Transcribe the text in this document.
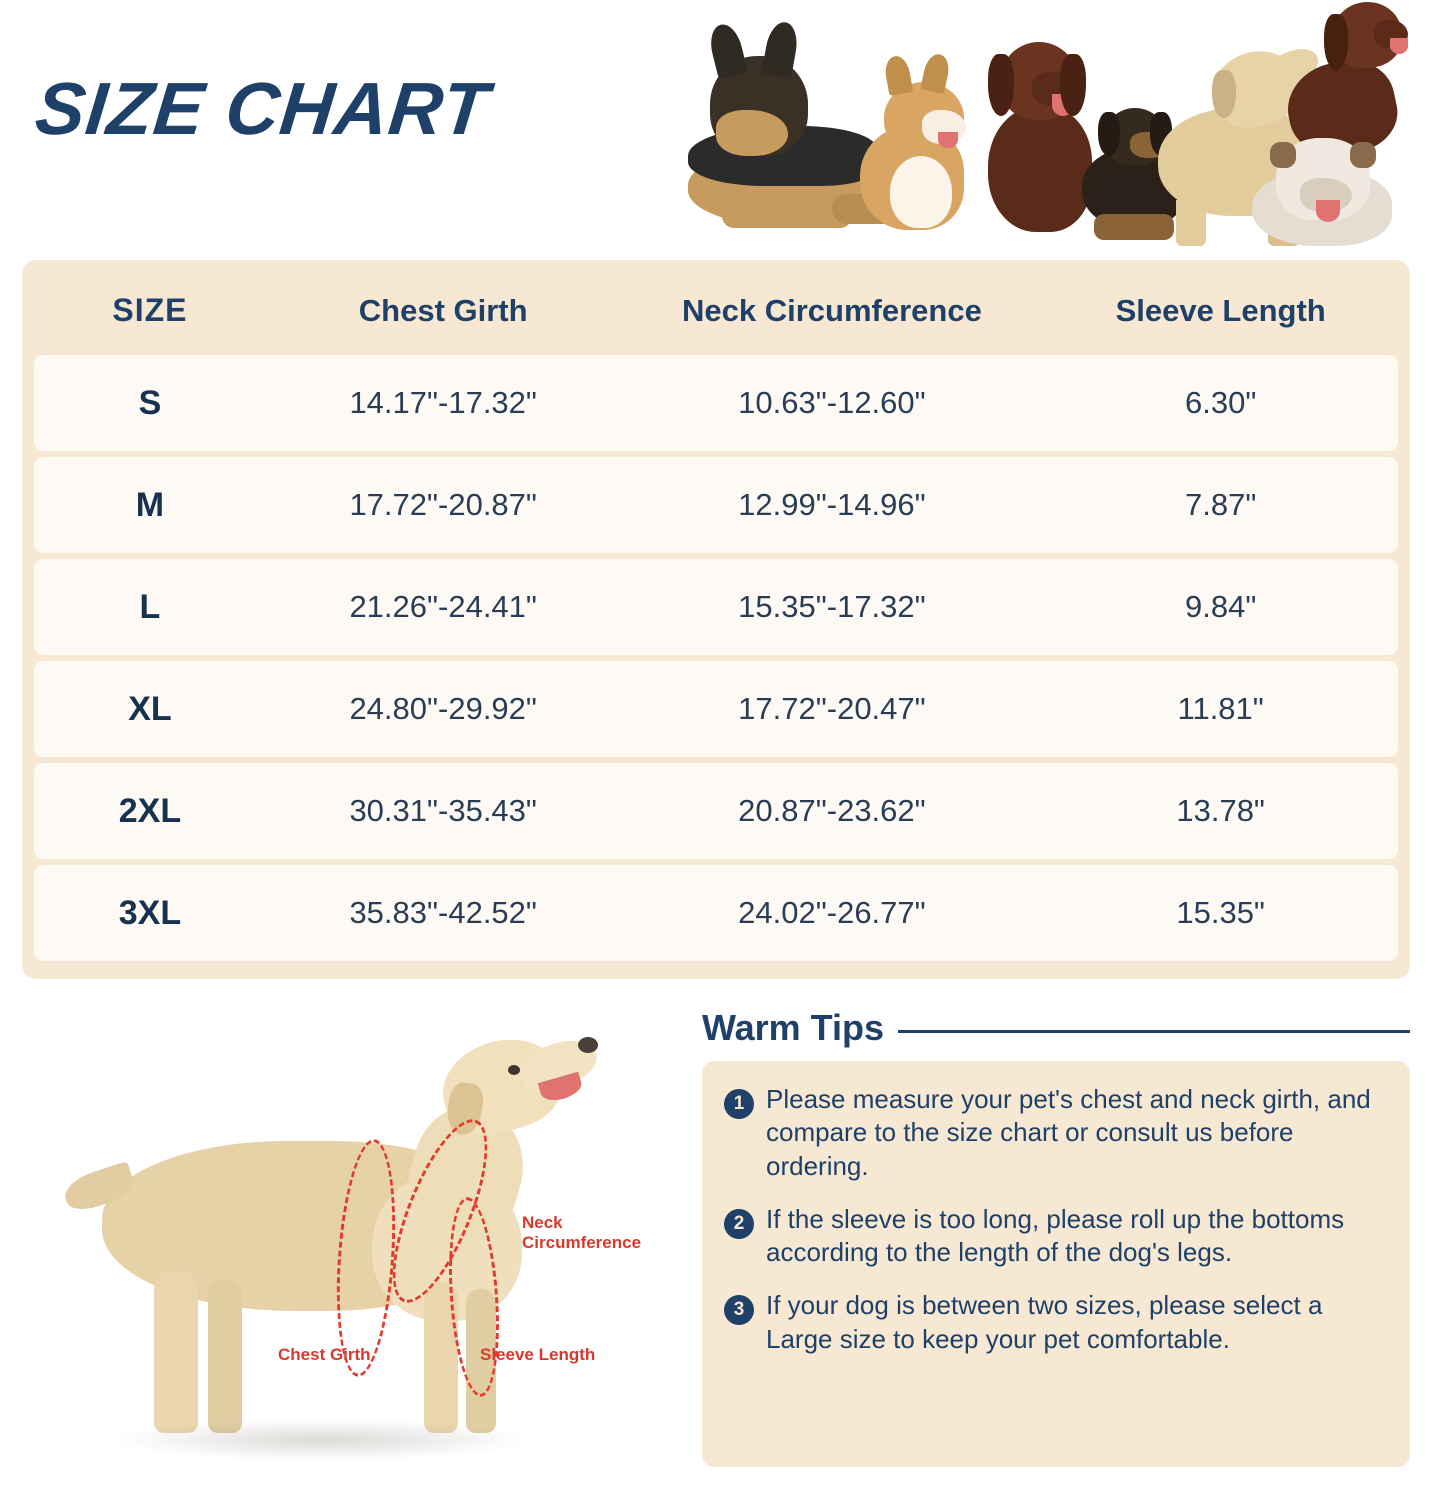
SIZE CHART
SIZE	Chest Girth	Neck Circumference	Sleeve Length
S	14.17"-17.32"	10.63"-12.60"	6.30"
M	17.72"-20.87"	12.99"-14.96"	7.87"
L	21.26"-24.41"	15.35"-17.32"	9.84"
XL	24.80"-29.92"	17.72"-20.47"	11.81"
2XL	30.31"-35.43"	20.87"-23.62"	13.78"
3XL	35.83"-42.52"	24.02"-26.77"	15.35"
Neck
Circumference
Chest Girth	Sleeve Length
Warm Tips
1 Please measure your pet's chest and neck girth, and compare to the size chart or consult us before ordering.
2 If the sleeve is too long, please roll up the bottoms according to the length of the dog's legs.
3 If your dog is between two sizes, please select a Large size to keep your pet comfortable.
